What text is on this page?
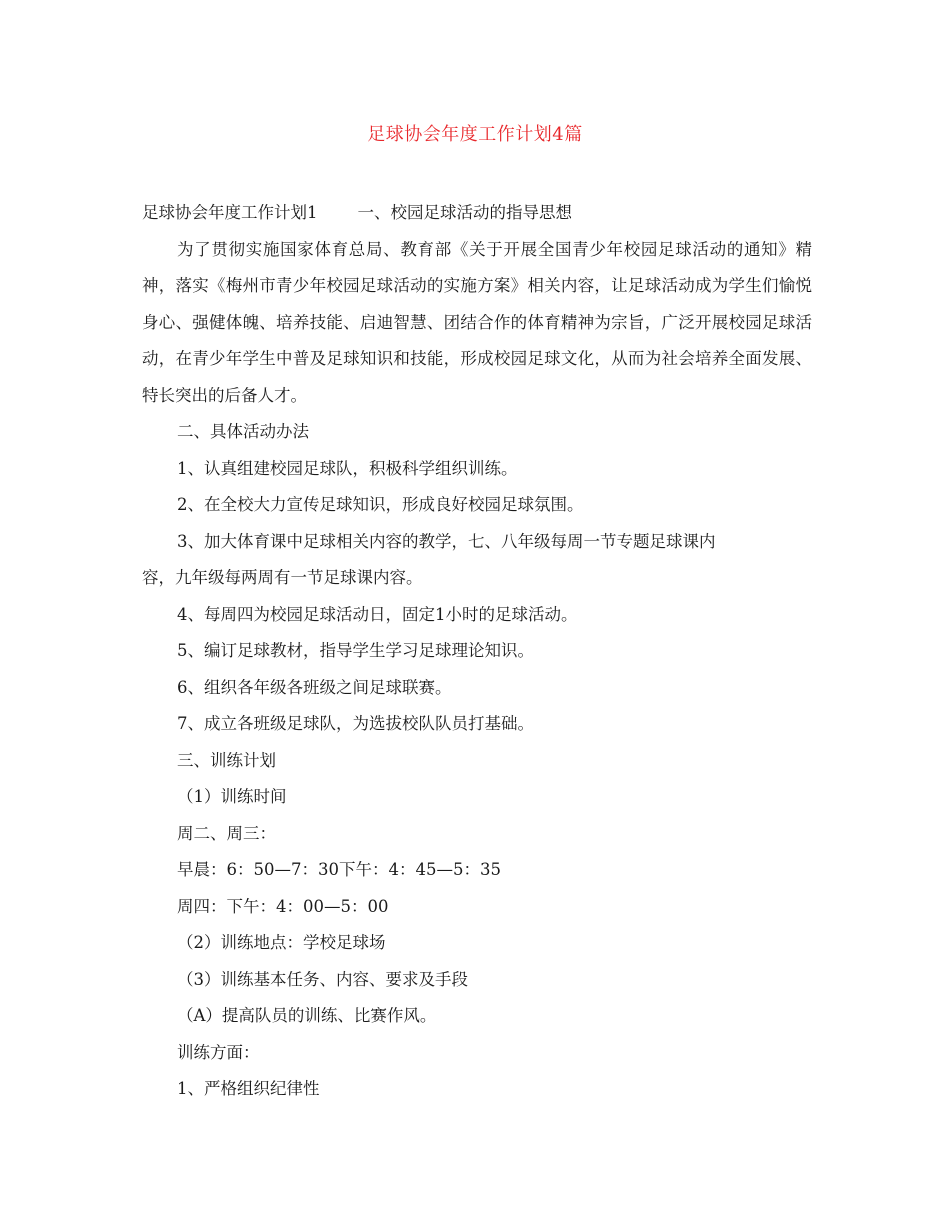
足球协会年度工作计划4篇
足球协会年度工作计划1 一、校园足球活动的指导思想
为了贯彻实施国家体育总局、教育部《关于开展全国青少年校园足球活动的通知》精神，落实《梅州市青少年校园足球活动的实施方案》相关内容，让足球活动成为学生们愉悦身心、强健体魄、培养技能、启迪智慧、团结合作的体育精神为宗旨，广泛开展校园足球活动，在青少年学生中普及足球知识和技能，形成校园足球文化，从而为社会培养全面发展、特长突出的后备人才。
二、具体活动办法
1、认真组建校园足球队，积极科学组织训练。
2、在全校大力宣传足球知识，形成良好校园足球氛围。
3、加大体育课中足球相关内容的教学，七、八年级每周一节专题足球课内
容，九年级每两周有一节足球课内容。
4、每周四为校园足球活动日，固定1小时的足球活动。
5、编订足球教材，指导学生学习足球理论知识。
6、组织各年级各班级之间足球联赛。
7、成立各班级足球队，为选拔校队队员打基础。
三、训练计划
（1）训练时间
周二、周三：
早晨：6：50—7：30下午：4：45—5：35
周四：下午：4：00—5：00
（2）训练地点：学校足球场
（3）训练基本任务、内容、要求及手段
（A）提高队员的训练、比赛作风。
训练方面：
1、严格组织纪律性
